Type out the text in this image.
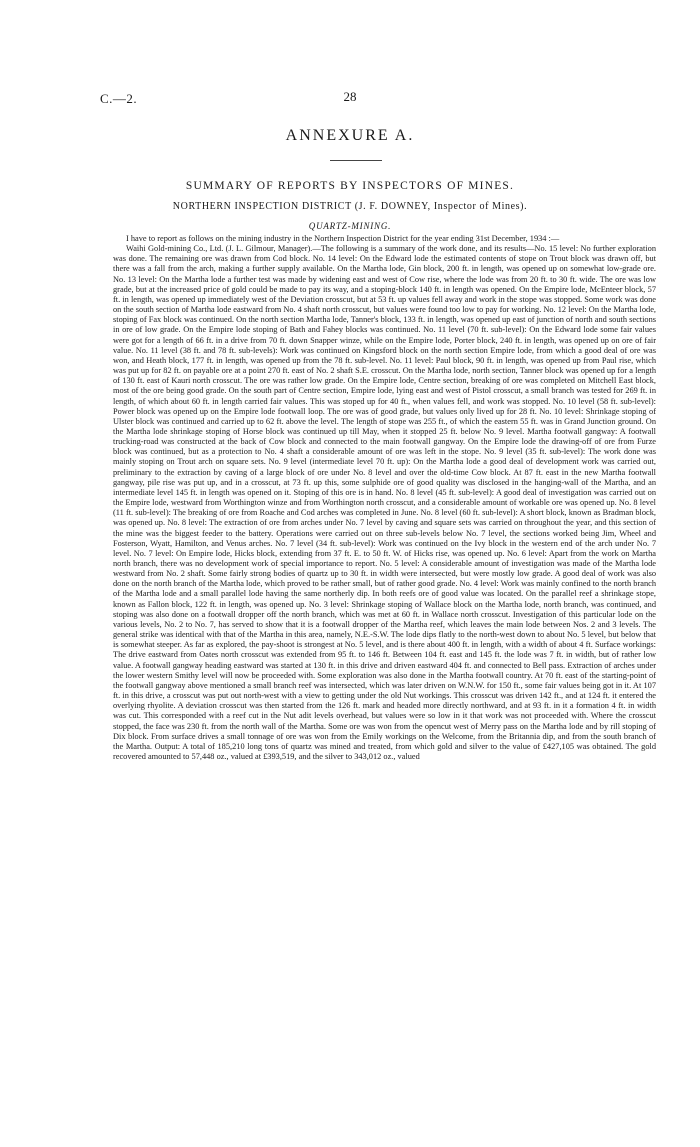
C.—2.	28
ANNEXURE A.
SUMMARY OF REPORTS BY INSPECTORS OF MINES.
NORTHERN INSPECTION DISTRICT (J. F. DOWNEY, Inspector of Mines).
QUARTZ-MINING.

I have to report as follows on the mining industry in the Northern Inspection District for the year ending 31st December, 1934 :—

Waihi Gold-mining Co., Ltd. (J. L. Gilmour, Manager).—The following is a summary of the work done, and its results—No. 15 level: No further exploration was done. The remaining ore was drawn from Cod block. No. 14 level: On the Edward lode the estimated contents of stope on Trout block was drawn off, but there was a fall from the arch, making a further supply available. On the Martha lode, Gin block, 200 ft. in length, was opened up on somewhat low-grade ore. No. 13 level: On the Martha lode a further test was made by widening east and west of Cow rise, where the lode was from 20 ft. to 30 ft. wide. The ore was low grade, but at the increased price of gold could be made to pay its way, and a stoping-block 140 ft. in length was opened. On the Empire lode, McEnteer block, 57 ft. in length, was opened up immediately west of the Deviation crosscut, but at 53 ft. up values fell away and work in the stope was stopped. Some work was done on the south section of Martha lode eastward from No. 4 shaft north crosscut, but values were found too low to pay for working. No. 12 level: On the Martha lode, stoping of Fax block was continued. On the north section Martha lode, Tanner's block, 133 ft. in length, was opened up east of junction of north and south sections in ore of low grade. On the Empire lode stoping of Bath and Fahey blocks was continued. No. 11 level (70 ft. sub-level): On the Edward lode some fair values were got for a length of 66 ft. in a drive from 70 ft. down Snapper winze, while on the Empire lode, Porter block, 240 ft. in length, was opened up on ore of fair value. No. 11 level (38 ft. and 78 ft. sub-levels): Work was continued on Kingsford block on the north section Empire lode, from which a good deal of ore was won, and Heath block, 177 ft. in length, was opened up from the 78 ft. sub-level. No. 11 level: Paul block, 90 ft. in length, was opened up from Paul rise, which was put up for 82 ft. on payable ore at a point 270 ft. east of No. 2 shaft S.E. crosscut. On the Martha lode, north section, Tanner block was opened up for a length of 130 ft. east of Kauri north crosscut. The ore was rather low grade. On the Empire lode, Centre section, breaking of ore was completed on Mitchell East block, most of the ore being good grade. On the south part of Centre section, Empire lode, lying east and west of Pistol crosscut, a small branch was tested for 269 ft. in length, of which about 60 ft. in length carried fair values. This was stoped up for 40 ft., when values fell, and work was stopped. No. 10 level (58 ft. sub-level): Power block was opened up on the Empire lode footwall loop. The ore was of good grade, but values only lived up for 28 ft. No. 10 level: Shrinkage stoping of Ulster block was continued and carried up to 62 ft. above the level. The length of stope was 255 ft., of which the eastern 55 ft. was in Grand Junction ground. On the Martha lode shrinkage stoping of Horse block was continued up till May, when it stopped 25 ft. below No. 9 level. Martha footwall gangway: A footwall trucking-road was constructed at the back of Cow block and connected to the main footwall gangway. On the Empire lode the drawing-off of ore from Furze block was continued, but as a protection to No. 4 shaft a considerable amount of ore was left in the stope. No. 9 level (35 ft. sub-level): The work done was mainly stoping on Trout arch on square sets. No. 9 level (intermediate level 70 ft. up): On the Martha lode a good deal of development work was carried out, preliminary to the extraction by caving of a large block of ore under No. 8 level and over the old-time Cow block. At 87 ft. east in the new Martha footwall gangway, pile rise was put up, and in a crosscut, at 73 ft. up this, some sulphide ore of good quality was disclosed in the hanging-wall of the Martha, and an intermediate level 145 ft. in length was opened on it. Stoping of this ore is in hand. No. 8 level (45 ft. sub-level): A good deal of investigation was carried out on the Empire lode, westward from Worthington winze and from Worthington north crosscut, and a considerable amount of workable ore was opened up. No. 8 level (11 ft. sub-level): The breaking of ore from Roache and Cod arches was completed in June. No. 8 level (60 ft. sub-level): A short block, known as Bradman block, was opened up. No. 8 level: The extraction of ore from arches under No. 7 level by caving and square sets was carried on throughout the year, and this section of the mine was the biggest feeder to the battery. Operations were carried out on three sub-levels below No. 7 level, the sections worked being Jim, Wheel and Fosterson, Wyatt, Hamilton, and Venus arches. No. 7 level (34 ft. sub-level): Work was continued on the Ivy block in the western end of the arch under No. 7 level. No. 7 level: On Empire lode, Hicks block, extending from 37 ft. E. to 50 ft. W. of Hicks rise, was opened up. No. 6 level: Apart from the work on Martha north branch, there was no development work of special importance to report. No. 5 level: A considerable amount of investigation was made of the Martha lode westward from No. 2 shaft. Some fairly strong bodies of quartz up to 30 ft. in width were intersected, but were mostly low grade. A good deal of work was also done on the north branch of the Martha lode, which proved to be rather small, but of rather good grade. No. 4 level: Work was mainly confined to the north branch of the Martha lode and a small parallel lode having the same northerly dip. In both reefs ore of good value was located. On the parallel reef a shrinkage stope, known as Fallon block, 122 ft. in length, was opened up. No. 3 level: Shrinkage stoping of Wallace block on the Martha lode, north branch, was continued, and stoping was also done on a footwall dropper off the north branch, which was met at 60 ft. in Wallace north crosscut. Investigation of this particular lode on the various levels, No. 2 to No. 7, has served to show that it is a footwall dropper of the Martha reef, which leaves the main lode between Nos. 2 and 3 levels. The general strike was identical with that of the Martha in this area, namely, N.E.-S.W. The lode dips flatly to the north-west down to about No. 5 level, but below that is somewhat steeper. As far as explored, the pay-shoot is strongest at No. 5 level, and is there about 400 ft. in length, with a width of about 4 ft. Surface workings: The drive eastward from Oates north crosscut was extended from 95 ft. to 146 ft. Between 104 ft. east and 145 ft. the lode was 7 ft. in width, but of rather low value. A footwall gangway heading eastward was started at 130 ft. in this drive and driven eastward 404 ft. and connected to Bell pass. Extraction of arches under the lower western Smithy level will now be proceeded with. Some exploration was also done in the Martha footwall country. At 70 ft. east of the starting-point of the footwall gangway above mentioned a small branch reef was intersected, which was later driven on W.N.W. for 150 ft., some fair values being got in it. At 107 ft. in this drive, a crosscut was put out north-west with a view to getting under the old Nut workings. This crosscut was driven 142 ft., and at 124 ft. it entered the overlying rhyolite. A deviation crosscut was then started from the 126 ft. mark and headed more directly northward, and at 93 ft. in it a formation 4 ft. in width was cut. This corresponded with a reef cut in the Nut adit levels overhead, but values were so low in it that work was not proceeded with. Where the crosscut stopped, the face was 230 ft. from the north wall of the Martha. Some ore was won from the opencut west of Merry pass on the Martha lode and by rill stoping of Dix block. From surface drives a small tonnage of ore was won from the Emily workings on the Welcome, from the Britannia dip, and from the south branch of the Martha. Output: A total of 185,210 long tons of quartz was mined and treated, from which gold and silver to the value of £427,105 was obtained. The gold recovered amounted to 57,448 oz., valued at £393,519, and the silver to 343,012 oz., valued
